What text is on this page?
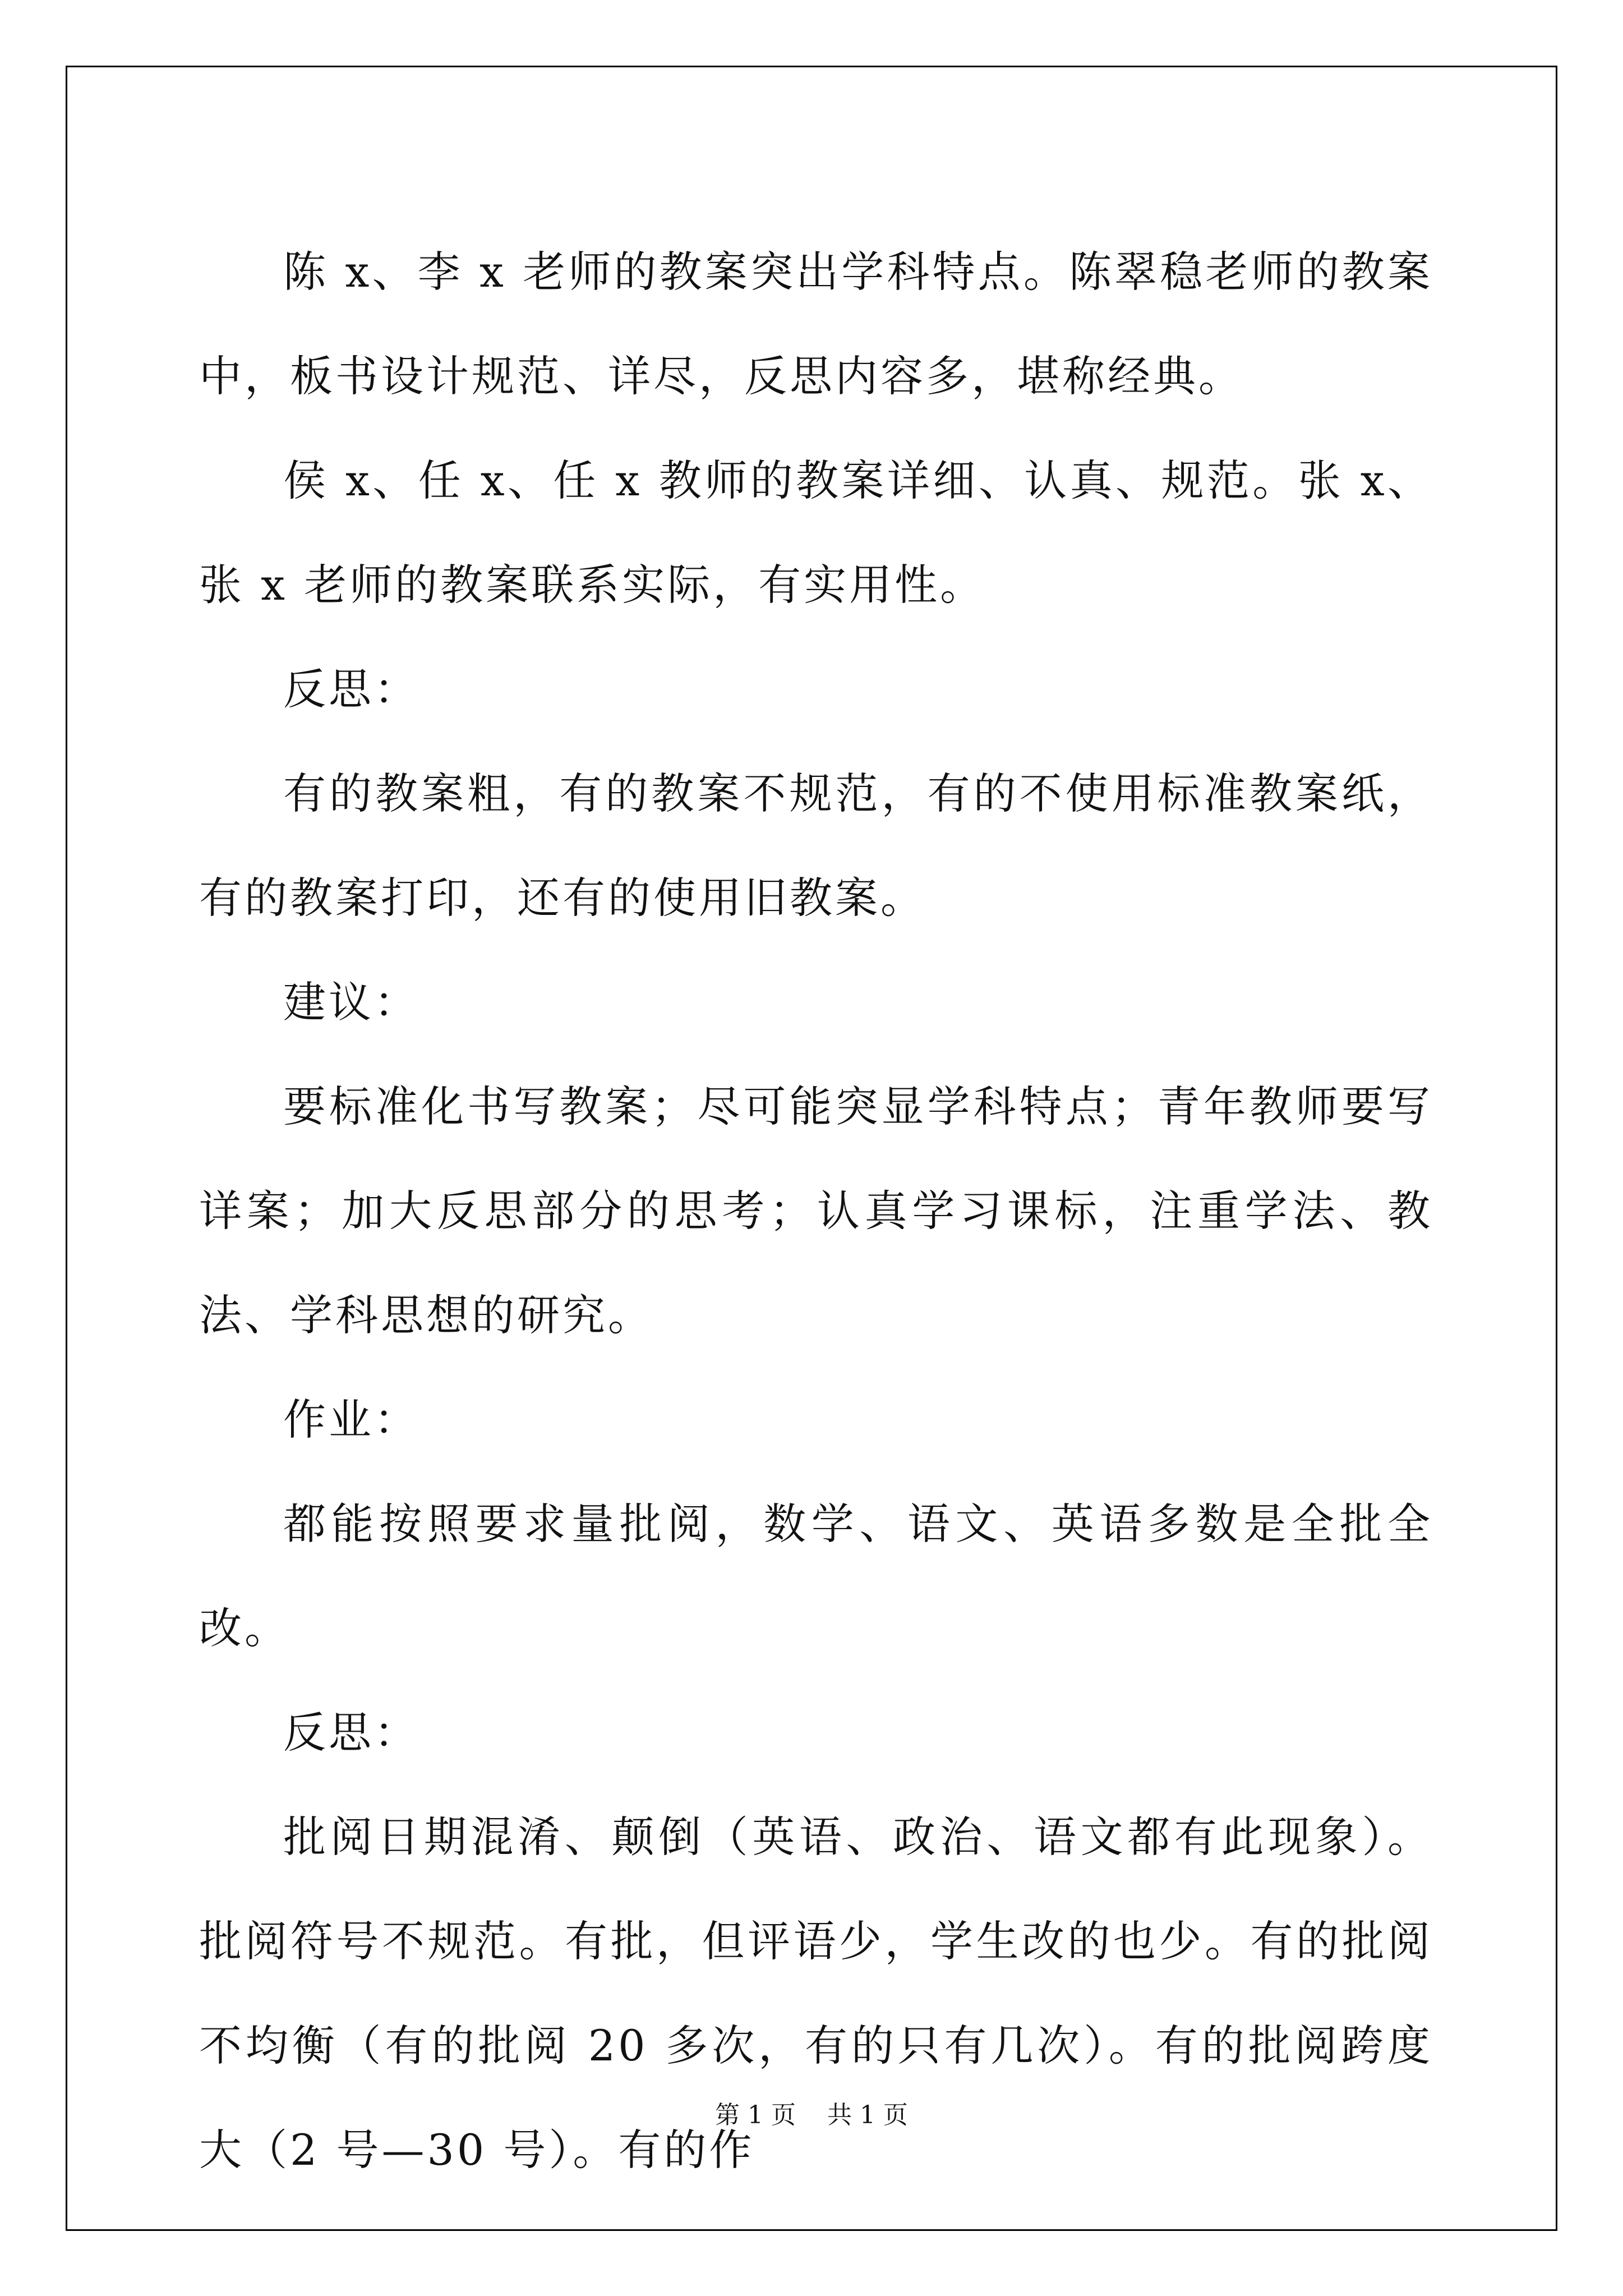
陈 x、李 x 老师的教案突出学科特点。陈翠稳老师的教案中，板书设计规范、详尽，反思内容多，堪称经典。

侯 x、任 x、任 x 教师的教案详细、认真、规范。张 x、张 x 老师的教案联系实际，有实用性。

反思：

有的教案粗，有的教案不规范，有的不使用标准教案纸，有的教案打印，还有的使用旧教案。

建议：

要标准化书写教案；尽可能突显学科特点；青年教师要写详案；加大反思部分的思考；认真学习课标，注重学法、教法、学科思想的研究。

作业：

都能按照要求量批阅，数学、语文、英语多数是全批全改。

反思：

批阅日期混淆、颠倒（英语、政治、语文都有此现象）。批阅符号不规范。有批，但评语少，学生改的也少。有的批阅不均衡（有的批阅 20 多次，有的只有几次）。有的批阅跨度大（2 号—30 号）。有的作

第 1 页    共 1 页
